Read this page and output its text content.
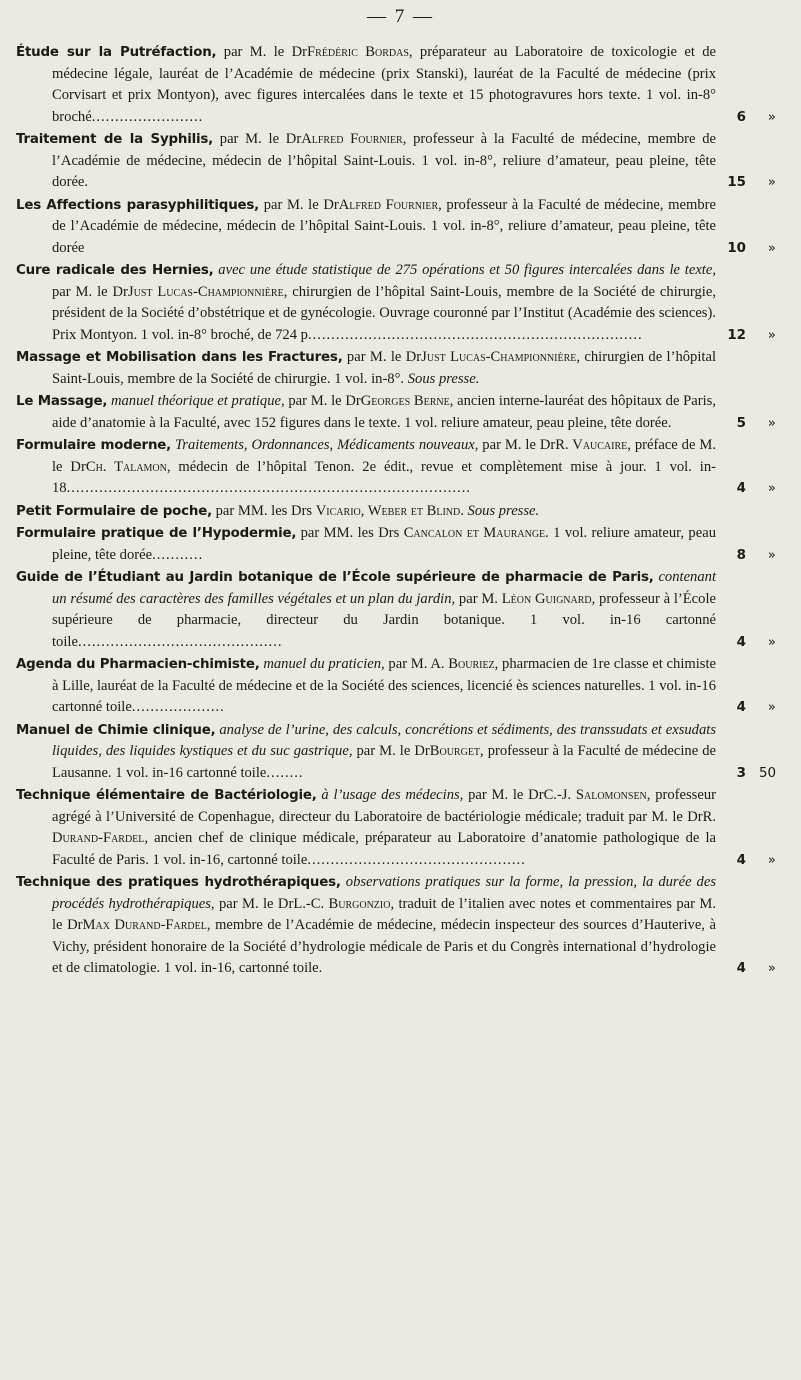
— 7 —

Étude sur la Putréfaction, par M. le DrFrédéric Bordas, préparateur au Laboratoire de toxicologie et de médecine légale, lauréat de l’Académie de médecine (prix Stanski), lauréat de la Faculté de médecine (prix Corvisart et prix Montyon), avec figures intercalées dans le texte et 15 photogravures hors texte. 1 vol. in-8° broché........................	6 »

Traitement de la Syphilis, par M. le DrAlfred Fournier, professeur à la Faculté de médecine, membre de l’Académie de médecine, médecin de l’hôpital Saint-Louis. 1 vol. in-8°, reliure d’amateur, peau pleine, tête dorée.	15 »

Les Affections parasyphilitiques, par M. le DrAlfred Fournier, professeur à la Faculté de médecine, membre de l’Académie de médecine, médecin de l’hôpital Saint-Louis. 1 vol. in-8°, reliure d’amateur, peau pleine, tête dorée	10 »

Cure radicale des Hernies, avec une étude statistique de 275 opérations et 50 figures intercalées dans le texte, par M. le DrJust Lucas-Championnière, chirurgien de l’hôpital Saint-Louis, membre de la Société de chirurgie, président de la Société d’obstétrique et de gynécologie. Ouvrage couronné par l’Institut (Académie des sciences). Prix Montyon. 1 vol. in-8° broché, de 724 p........................................................................	12 »

Massage et Mobilisation dans les Fractures, par M. le DrJust Lucas-Championnière, chirurgien de l’hôpital Saint-Louis, membre de la Société de chirurgie. 1 vol. in-8°. Sous presse.

Le Massage, manuel théorique et pratique, par M. le DrGeorges Berne, ancien interne-lauréat des hôpitaux de Paris, aide d’anatomie à la Faculté, avec 152 figures dans le texte. 1 vol. reliure amateur, peau pleine, tête dorée.	5 »

Formulaire moderne, Traitements, Ordonnances, Médicaments nouveaux, par M. le DrR. Vaucaire, préface de M. le DrCh. Talamon, médecin de l’hôpital Tenon. 2e édit., revue et complètement mise à jour. 1 vol. in-18.......................................................................................	4 »

Petit Formulaire de poche, par MM. les Drs Vicario, Weber et Blind. Sous presse.

Formulaire pratique de l’Hypodermie, par MM. les Drs Cancalon et Maurange. 1 vol. reliure amateur, peau pleine, tête dorée...........	8 »

Guide de l’Étudiant au Jardin botanique de l’École supérieure de pharmacie de Paris, contenant un résumé des caractères des familles végétales et un plan du jardin, par M. Léon Guignard, professeur à l’École supérieure de pharmacie, directeur du Jardin botanique. 1 vol. in-16 cartonné toile............................................	4 »

Agenda du Pharmacien-chimiste, manuel du praticien, par M. A. Bouriez, pharmacien de 1re classe et chimiste à Lille, lauréat de la Faculté de médecine et de la Société des sciences, licencié ès sciences naturelles. 1 vol. in-16 cartonné toile....................	4 »

Manuel de Chimie clinique, analyse de l’urine, des calculs, concrétions et sédiments, des transsudats et exsudats liquides, des liquides kystiques et du suc gastrique, par M. le DrBourget, professeur à la Faculté de médecine de Lausanne. 1 vol. in-16 cartonné toile........	3 50

Technique élémentaire de Bactériologie, à l’usage des médecins, par M. le DrC.-J. Salomonsen, professeur agrégé à l’Université de Copenhague, directeur du Laboratoire de bactériologie médicale; traduit par M. le DrR. Durand-Fardel, ancien chef de clinique médicale, préparateur au Laboratoire d’anatomie pathologique de la Faculté de Paris. 1 vol. in-16, cartonné toile...............................................	4 »

Technique des pratiques hydrothérapiques, observations pratiques sur la forme, la pression, la durée des procédés hydrothérapiques, par M. le DrL.-C. Burgonzio, traduit de l’italien avec notes et commentaires par M. le DrMax Durand-Fardel, membre de l’Académie de médecine, médecin inspecteur des sources d’Hauterive, à Vichy, président honoraire de la Société d’hydrologie médicale de Paris et du Congrès international d’hydrologie et de climatologie. 1 vol. in-16, cartonné toile.	4 »
